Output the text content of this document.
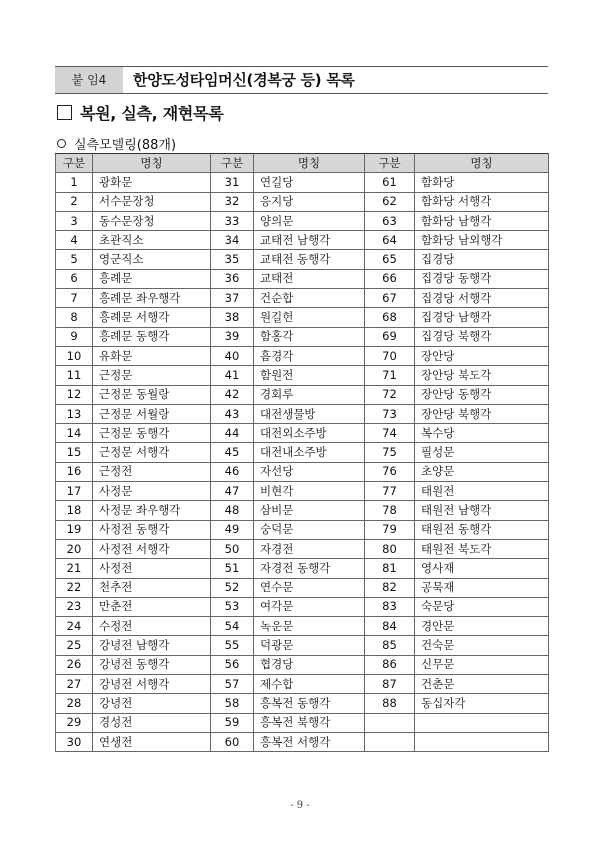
붙 임4	한양도성타임머신(경복궁 등) 목록
복원, 실측, 재현목록
실측모델링(88개)
구분	명칭	구분	명칭	구분	명칭
1	광화문	31	연길당	61	함화당
2	서수문장청	32	응지당	62	함화당 서행각
3	동수문장청	33	양의문	63	함화당 남행각
4	초관직소	34	교태전 남행각	64	함화당 남외행각
5	영군직소	35	교태전 동행각	65	집경당
6	흥례문	36	교태전	66	집경당 동행각
7	흥례문 좌우행각	37	건순합	67	집경당 서행각
8	흥례문 서행각	38	원길헌	68	집경당 남행각
9	흥례문 동행각	39	함홍각	69	집경당 북행각
10	유화문	40	흠경각	70	장안당
11	근정문	41	함원전	71	장안당 북도각
12	근정문 동월랑	42	경회루	72	장안당 동행각
13	근정문 서월랑	43	대전생물방	73	장안당 북행각
14	근정문 동행각	44	대전외소주방	74	복수당
15	근정문 서행각	45	대전내소주방	75	필성문
16	근정전	46	자선당	76	초양문
17	사정문	47	비현각	77	태원전
18	사정문 좌우행각	48	삼비문	78	태원전 남행각
19	사정전 동행각	49	숭덕문	79	태원전 동행각
20	사정전 서행각	50	자경전	80	태원전 북도각
21	사정전	51	자경전 동행각	81	영사재
22	천추전	52	연수문	82	공묵재
23	만춘전	53	여각문	83	숙문당
24	수정전	54	녹운문	84	경안문
25	강녕전 남행각	55	덕광문	85	건숙문
26	강녕전 동행각	56	협경당	86	신무문
27	강녕전 서행각	57	제수합	87	건춘문
28	강녕전	58	흥복전 동행각	88	동십자각
29	경성전	59	흥복전 북행각		
30	연생전	60	흥복전 서행각		
- 9 -
